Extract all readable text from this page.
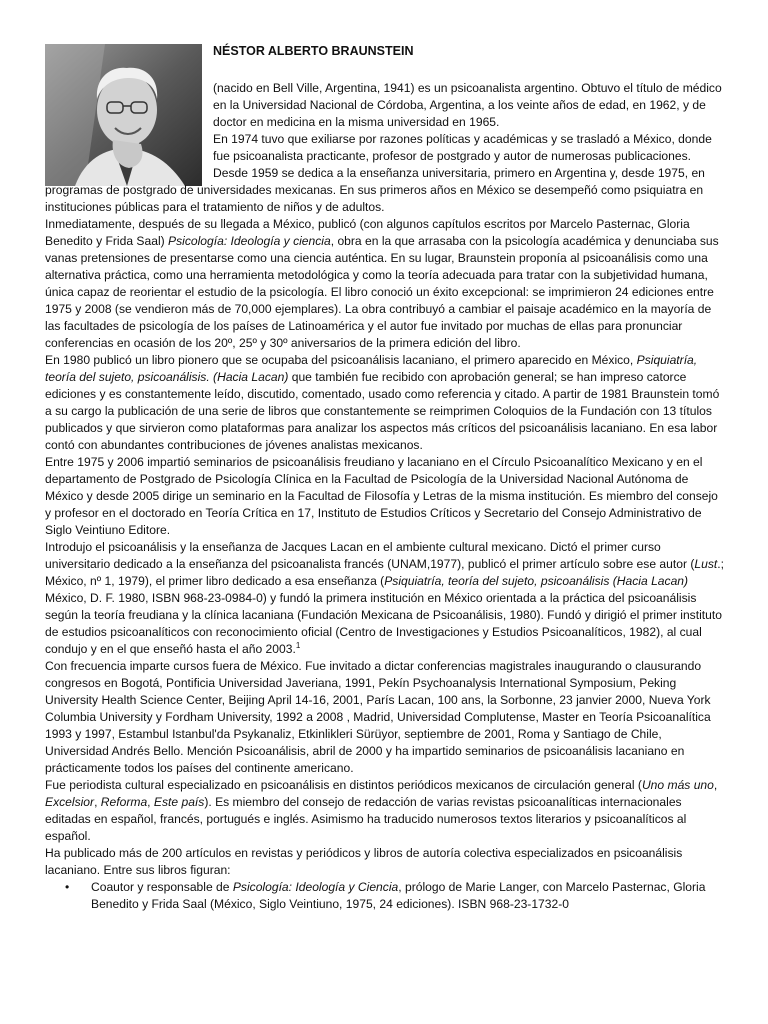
NÉSTOR ALBERTO BRAUNSTEIN

(nacido en Bell Ville, Argentina, 1941) es un psicoanalista argentino. Obtuvo el título de médico en la Universidad Nacional de Córdoba, Argentina, a los veinte años de edad, en 1962, y de doctor en medicina en la misma universidad en 1965.

En 1974 tuvo que exiliarse por razones políticas y académicas y se trasladó a México, donde fue psicoanalista practicante, profesor de postgrado y autor de numerosas publicaciones.

Desde 1959 se dedica a la enseñanza universitaria, primero en Argentina y, desde 1975, en
programas de postgrado de universidades mexicanas. En sus primeros años en México se desempeñó como psiquiatra en instituciones públicas para el tratamiento de niños y de adultos.

Inmediatamente, después de su llegada a México, publicó (con algunos capítulos escritos por Marcelo Pasternac, Gloria Benedito y Frida Saal) Psicología: Ideología y ciencia, obra en la que arrasaba con la psicología académica y denunciaba sus vanas pretensiones de presentarse como una ciencia auténtica. En su lugar, Braunstein proponía al psicoanálisis como una alternativa práctica, como una herramienta metodológica y como la teoría adecuada para tratar con la subjetividad humana, única capaz de reorientar el estudio de la psicología. El libro conoció un éxito excepcional: se imprimieron 24 ediciones entre 1975 y 2008 (se vendieron más de 70,000 ejemplares). La obra contribuyó a cambiar el paisaje académico en la mayoría de las facultades de psicología de los países de Latinoamérica y el autor fue invitado por muchas de ellas para pronunciar conferencias en ocasión de los 20º, 25º y 30º aniversarios de la primera edición del libro.

En 1980 publicó un libro pionero que se ocupaba del psicoanálisis lacaniano, el primero aparecido en México, Psiquiatría, teoría del sujeto, psicoanálisis. (Hacia Lacan) que también fue recibido con aprobación general; se han impreso catorce ediciones y es constantemente leído, discutido, comentado, usado como referencia y citado. A partir de 1981 Braunstein tomó a su cargo la publicación de una serie de libros que constantemente se reimprimen Coloquios de la Fundación con 13 títulos publicados y que sirvieron como plataformas para analizar los aspectos más críticos del psicoanálisis lacaniano. En esa labor contó con abundantes contribuciones de jóvenes analistas mexicanos.

Entre 1975 y 2006 impartió seminarios de psicoanálisis freudiano y lacaniano en el Círculo Psicoanalítico Mexicano y en el departamento de Postgrado de Psicología Clínica en la Facultad de Psicología de la Universidad Nacional Autónoma de México y desde 2005 dirige un seminario en la Facultad de Filosofía y Letras de la misma institución. Es miembro del consejo y profesor en el doctorado en Teoría Crítica en 17, Instituto de Estudios Críticos y Secretario del Consejo Administrativo de Siglo Veintiuno Editore.

Introdujo el psicoanálisis y la enseñanza de Jacques Lacan en el ambiente cultural mexicano. Dictó el primer curso universitario dedicado a la enseñanza del psicoanalista francés (UNAM,1977), publicó el primer artículo sobre ese autor (Lust.; México, nº 1, 1979), el primer libro dedicado a esa enseñanza (Psiquiatría, teoría del sujeto, psicoanálisis (Hacia Lacan) México, D. F. 1980, ISBN 968-23-0984-0) y fundó la primera institución en México orientada a la práctica del psicoanálisis según la teoría freudiana y la clínica lacaniana (Fundación Mexicana de Psicoanálisis, 1980). Fundó y dirigió el primer instituto de estudios psicoanalíticos con reconocimiento oficial (Centro de Investigaciones y Estudios Psicoanalíticos, 1982), al cual condujo y en el que enseñó hasta el año 2003.$^1$

Con frecuencia imparte cursos fuera de México. Fue invitado a dictar conferencias magistrales inaugurando o clausurando congresos en Bogotá, Pontificia Universidad Javeriana, 1991, Pekín Psychoanalysis International Symposium, Peking University Health Science Center, Beijing April 14-16, 2001, París Lacan, 100 ans, la Sorbonne, 23 janvier 2000, Nueva York Columbia University y Fordham University, 1992 a 2008 , Madrid, Universidad Complutense, Master en Teoría Psicoanalítica 1993 y 1997, Estambul Istanbul'da Psykanaliz, Etkinlikleri Sürüyor, septiembre de 2001, Roma y Santiago de Chile, Universidad Andrés Bello. Mención Psicoanálisis, abril de 2000 y ha impartido seminarios de psicoanálisis lacaniano en prácticamente todos los países del continente americano.

Fue periodista cultural especializado en psicoanálisis en distintos periódicos mexicanos de circulación general (Uno más uno, Excelsior, Reforma, Este país). Es miembro del consejo de redacción de varias revistas psicoanalíticas internacionales editadas en español, francés, portugués e inglés. Asimismo ha traducido numerosos textos literarios y psicoanalíticos al español.

Ha publicado más de 200 artículos en revistas y periódicos y libros de autoría colectiva especializados en psicoanálisis lacaniano. Entre sus libros figuran:

• Coautor y responsable de Psicología: Ideología y Ciencia, prólogo de Marie Langer, con Marcelo Pasternac, Gloria Benedito y Frida Saal (México, Siglo Veintiuno, 1975, 24 ediciones). ISBN 968-23-1732-0
